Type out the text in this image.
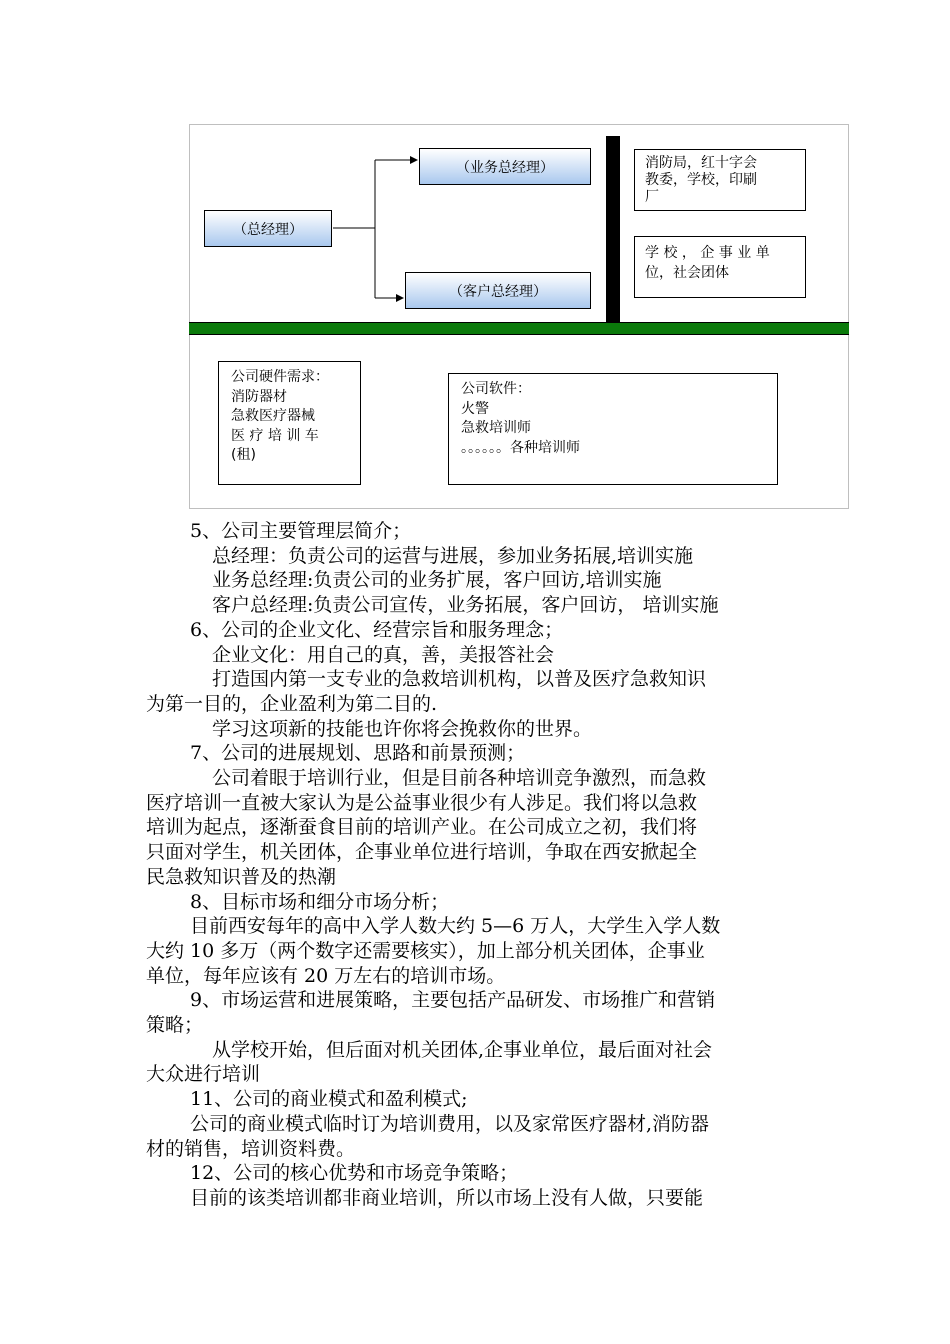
（总经理）
（业务总经理）
（客户总经理）
消防局，红十字会
教委，学校，印刷
厂
学 校 ， 企 事 业 单
位，社会团体
公司硬件需求：
消防器材
急救医疗器械
医 疗 培 训 车
(租)
公司软件：
火警
急救培训师
。。。。。。各种培训师

5、公司主要管理层简介；

总经理：负责公司的运营与进展，参加业务拓展,培训实施

业务总经理:负责公司的业务扩展，客户回访,培训实施

客户总经理:负责公司宣传，业务拓展，客户回访， 培训实施

6、公司的企业文化、经营宗旨和服务理念；

企业文化：用自己的真，善，美报答社会

打造国内第一支专业的急救培训机构，以普及医疗急救知识

为第一目的，企业盈利为第二目的.

学习这项新的技能也许你将会挽救你的世界。

7、公司的进展规划、思路和前景预测；

公司着眼于培训行业，但是目前各种培训竞争激烈，而急救

医疗培训一直被大家认为是公益事业很少有人涉足。我们将以急救

培训为起点，逐渐蚕食目前的培训产业。在公司成立之初，我们将

只面对学生，机关团体，企事业单位进行培训，争取在西安掀起全

民急救知识普及的热潮

8、目标市场和细分市场分析；

目前西安每年的高中入学人数大约 5—6 万人，大学生入学人数

大约 10 多万（两个数字还需要核实），加上部分机关团体，企事业

单位，每年应该有 20 万左右的培训市场。

9、市场运营和进展策略，主要包括产品研发、市场推广和营销

策略；

从学校开始，但后面对机关团体,企事业单位，最后面对社会

大众进行培训

11、公司的商业模式和盈利模式;

公司的商业模式临时订为培训费用，以及家常医疗器材,消防器

材的销售，培训资料费。

12、公司的核心优势和市场竞争策略；

目前的该类培训都非商业培训，所以市场上没有人做，只要能
